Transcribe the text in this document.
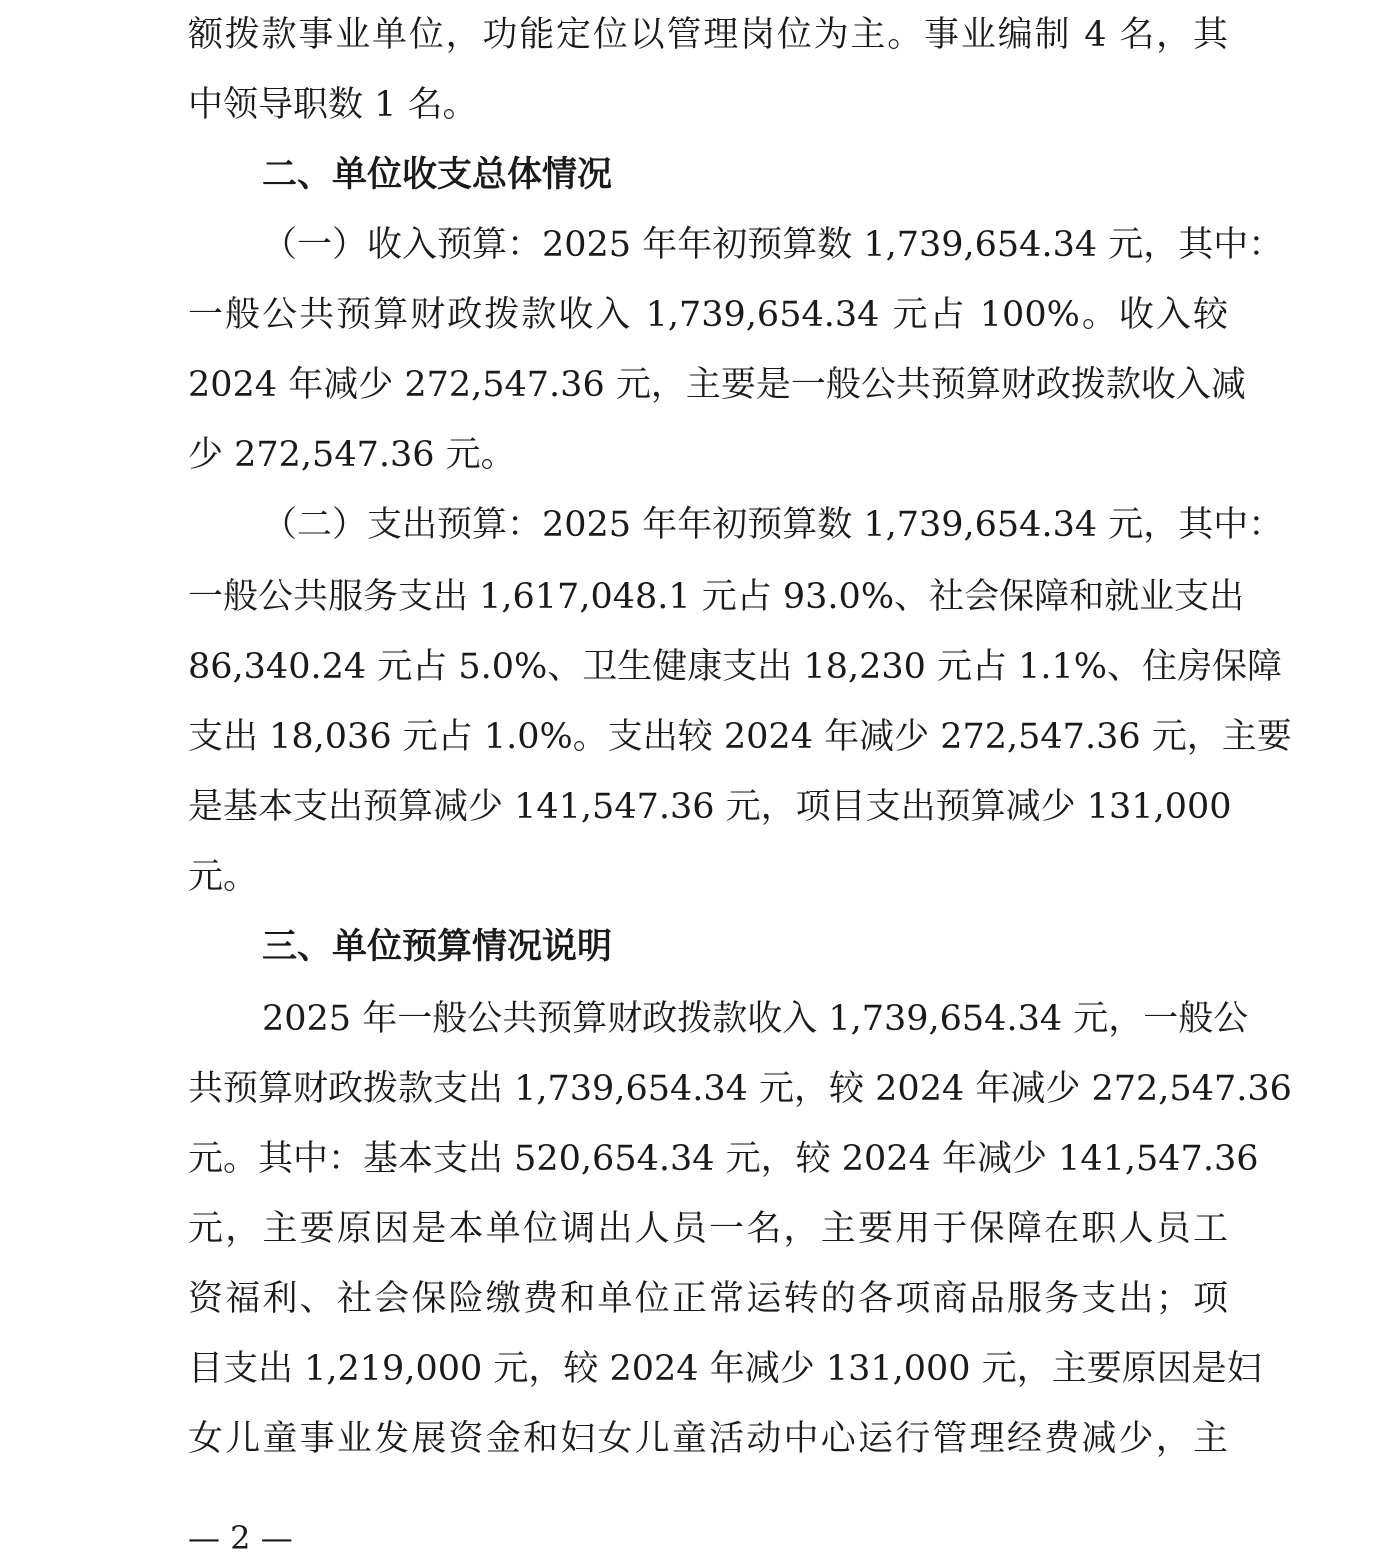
额拨款事业单位，功能定位以管理岗位为主。事业编制 4 名，其
中领导职数 1 名。
二、单位收支总体情况
（一）收入预算：2025 年年初预算数 1,739,654.34 元，其中：
一般公共预算财政拨款收入 1,739,654.34 元占 100%。收入较
2024 年减少 272,547.36 元，主要是一般公共预算财政拨款收入减
少 272,547.36 元。
（二）支出预算：2025 年年初预算数 1,739,654.34 元，其中：
一般公共服务支出 1,617,048.1 元占 93.0%、社会保障和就业支出
86,340.24 元占 5.0%、卫生健康支出 18,230 元占 1.1%、住房保障
支出 18,036 元占 1.0%。支出较 2024 年减少 272,547.36 元，主要
是基本支出预算减少 141,547.36 元，项目支出预算减少 131,000
元。
三、单位预算情况说明
2025 年一般公共预算财政拨款收入 1,739,654.34 元，一般公
共预算财政拨款支出 1,739,654.34 元，较 2024 年减少 272,547.36
元。其中：基本支出 520,654.34 元，较 2024 年减少 141,547.36
元，主要原因是本单位调出人员一名，主要用于保障在职人员工
资福利、社会保险缴费和单位正常运转的各项商品服务支出；项
目支出 1,219,000 元，较 2024 年减少 131,000 元，主要原因是妇
女儿童事业发展资金和妇女儿童活动中心运行管理经费减少，主
— 2 —
